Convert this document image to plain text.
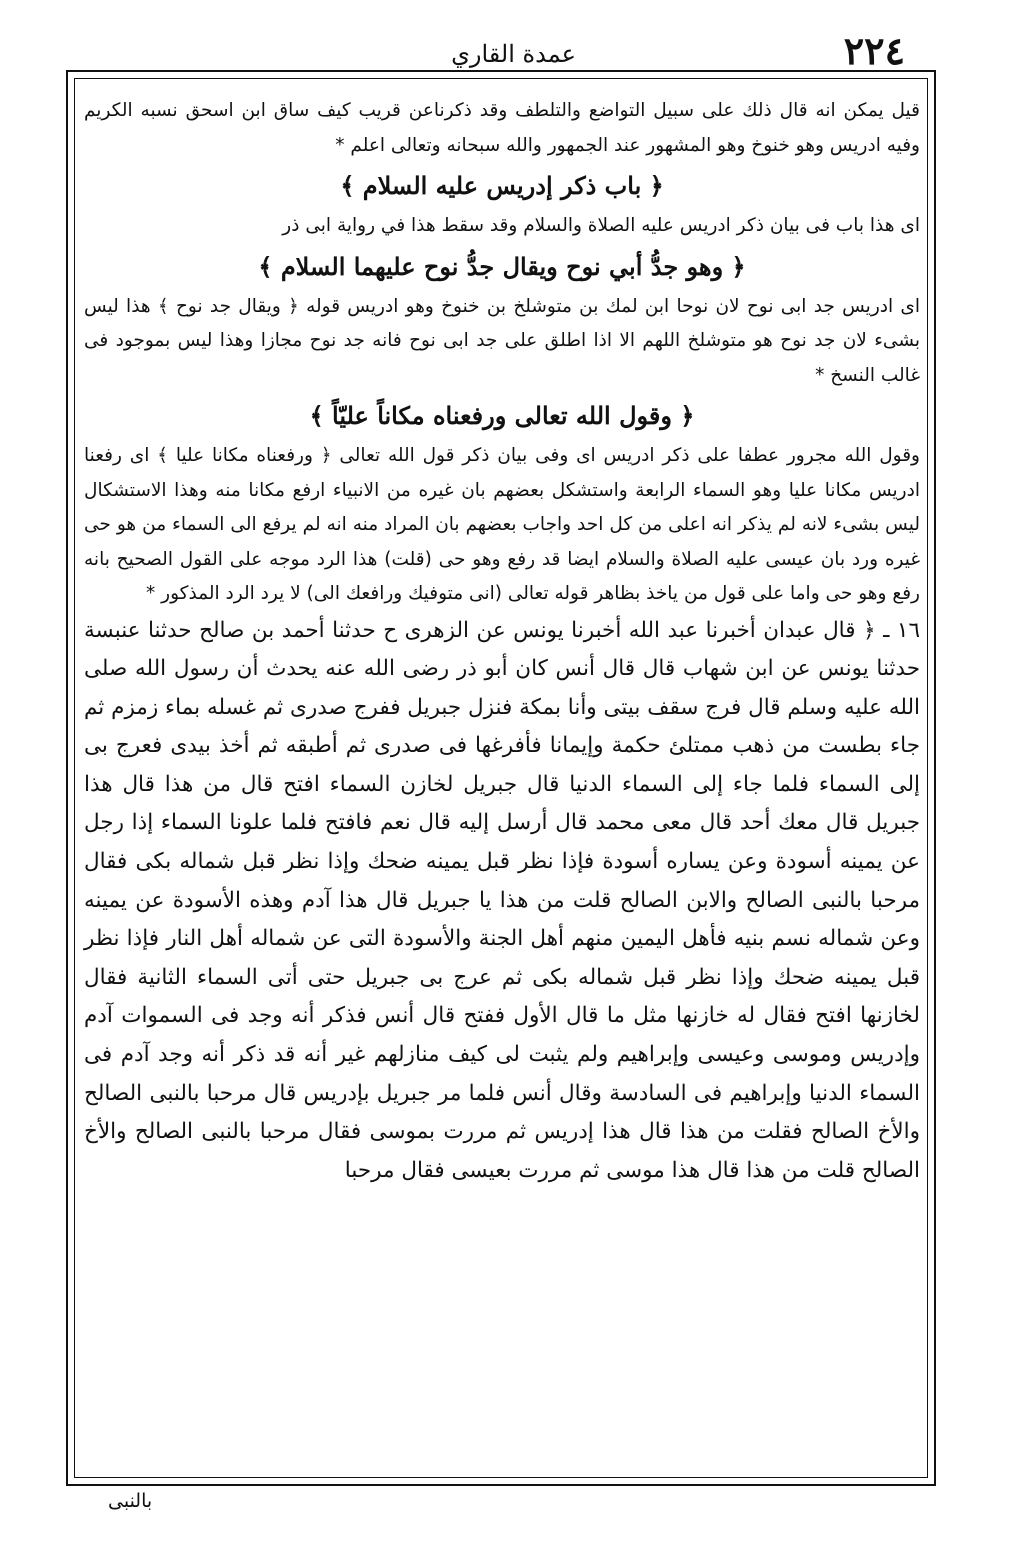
٢٢٤
عمدة القاري

قيل يمكن انه قال ذلك على سبيل التواضع والتلطف وقد ذكرناعن قريب كيف ساق ابن اسحق نسبه الكريم وفيه ادريس وهو خنوخ وهو المشهور عند الجمهور والله سبحانه وتعالى اعلم *

﴿ باب ذكر إدريس عليه السلام ﴾

اى هذا باب فى بيان ذكر ادريس عليه الصلاة والسلام وقد سقط هذا في رواية ابى ذر

﴿ وهو جدُّ أبي نوح ويقال جدُّ نوح عليهما السلام ﴾

اى ادريس جد ابى نوح لان نوحا ابن لمك بن متوشلخ بن خنوخ وهو ادريس قوله ﴿ ويقال جد نوح ﴾ هذا ليس بشىء لان جد نوح هو متوشلخ اللهم الا اذا اطلق على جد ابى نوح فانه جد نوح مجازا وهذا ليس بموجود فى غالب النسخ *

﴿ وقول الله تعالى ورفعناه مكاناً عليّاً ﴾

وقول الله مجرور عطفا على ذكر ادريس اى وفى بيان ذكر قول الله تعالى ﴿ ورفعناه مكانا عليا ﴾ اى رفعنا ادريس مكانا عليا وهو السماء الرابعة واستشكل بعضهم بان غيره من الانبياء ارفع مكانا منه وهذا الاستشكال ليس بشىء لانه لم يذكر انه اعلى من كل احد واجاب بعضهم بان المراد منه انه لم يرفع الى السماء من هو حى غيره ورد بان عيسى عليه الصلاة والسلام ايضا قد رفع وهو حى (قلت) هذا الرد موجه على القول الصحيح بانه رفع وهو حى واما على قول من ياخذ بظاهر قوله تعالى (انى متوفيك ورافعك الى) لا يرد الرد المذكور *

١٦ ـ ﴿ قال عبدان أخبرنا عبد الله أخبرنا يونس عن الزهرى ح حدثنا أحمد بن صالح حدثنا عنبسة حدثنا يونس عن ابن شهاب قال قال أنس كان أبو ذر رضى الله عنه يحدث أن رسول الله صلى الله عليه وسلم قال فرج سقف بيتى وأنا بمكة فنزل جبريل ففرج صدرى ثم غسله بماء زمزم ثم جاء بطست من ذهب ممتلئ حكمة وإيمانا فأفرغها فى صدرى ثم أطبقه ثم أخذ بيدى فعرج بى إلى السماء فلما جاء إلى السماء الدنيا قال جبريل لخازن السماء افتح قال من هذا قال هذا جبريل قال معك أحد قال معى محمد قال أرسل إليه قال نعم فافتح فلما علونا السماء إذا رجل عن يمينه أسودة وعن يساره أسودة فإذا نظر قبل يمينه ضحك وإذا نظر قبل شماله بكى فقال مرحبا بالنبى الصالح والابن الصالح قلت من هذا يا جبريل قال هذا آدم وهذه الأسودة عن يمينه وعن شماله نسم بنيه فأهل اليمين منهم أهل الجنة والأسودة التى عن شماله أهل النار فإذا نظر قبل يمينه ضحك وإذا نظر قبل شماله بكى ثم عرج بى جبريل حتى أتى السماء الثانية فقال لخازنها افتح فقال له خازنها مثل ما قال الأول ففتح قال أنس فذكر أنه وجد فى السموات آدم وإدريس وموسى وعيسى وإبراهيم ولم يثبت لى كيف منازلهم غير أنه قد ذكر أنه وجد آدم فى السماء الدنيا وإبراهيم فى السادسة وقال أنس فلما مر جبريل بإدريس قال مرحبا بالنبى الصالح والأخ الصالح فقلت من هذا قال هذا إدريس ثم مررت بموسى فقال مرحبا بالنبى الصالح والأخ الصالح قلت من هذا قال هذا موسى ثم مررت بعيسى فقال مرحبا

بالنبى
